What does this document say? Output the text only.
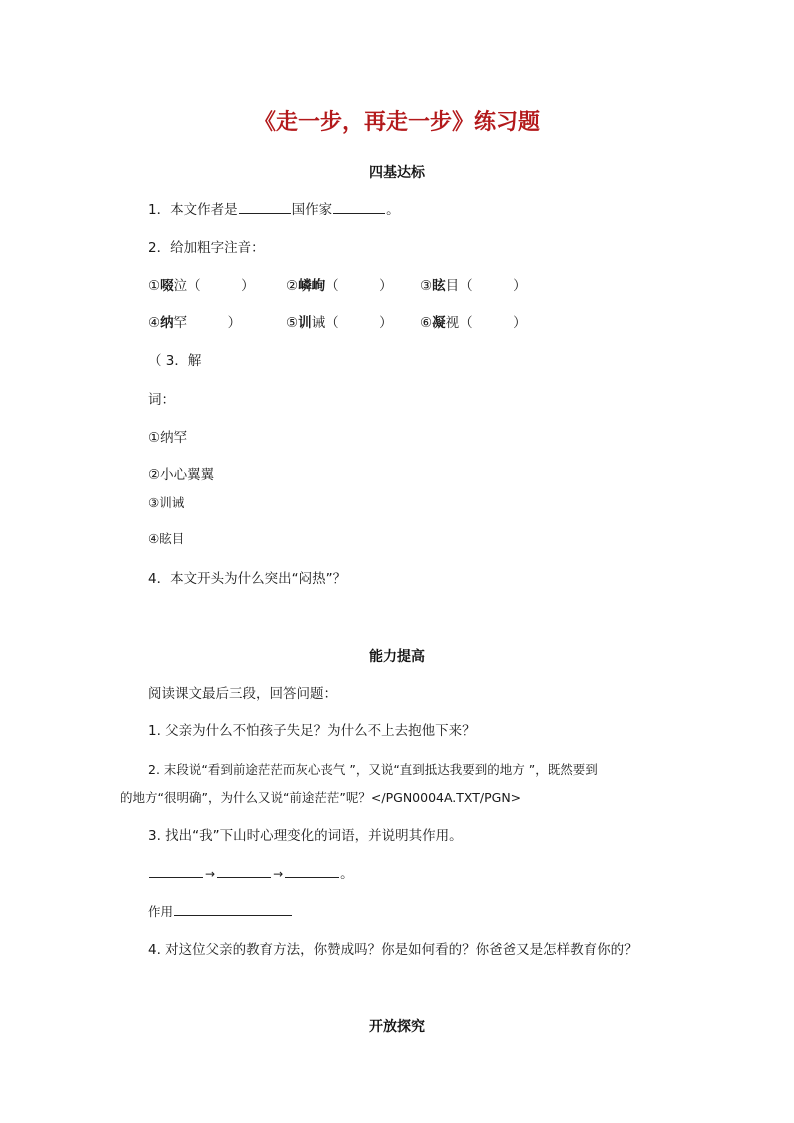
《走一步，再走一步》练习题
四基达标
1．本文作者是	国作家	。
2．给加粗字注音：
①啜泣（　　　） ②嶙峋（　　　） ③眩目（　　　）
④纳罕　　　）	⑤训诫（　　　） ⑥凝视（　　　）
（ 3．解
词：
①纳罕
②小心翼翼
③训诫
④眩目
4．本文开头为什么突出“闷热”？
能力提高
阅读课文最后三段，回答问题：
1. 父亲为什么不怕孩子失足？为什么不上去抱他下来？
2. 末段说“看到前途茫茫而灰心丧气 ”，又说“直到抵达我要到的地方 ”，既然要到
的地方“很明确”，为什么又说“前途茫茫”呢？</PGN0004A.TXT/PGN>
3. 找出“我”下山时心理变化的词语，并说明其作用。
→	→	。
作用
4. 对这位父亲的教育方法，你赞成吗？你是如何看的？你爸爸又是怎样教育你的？
开放探究
